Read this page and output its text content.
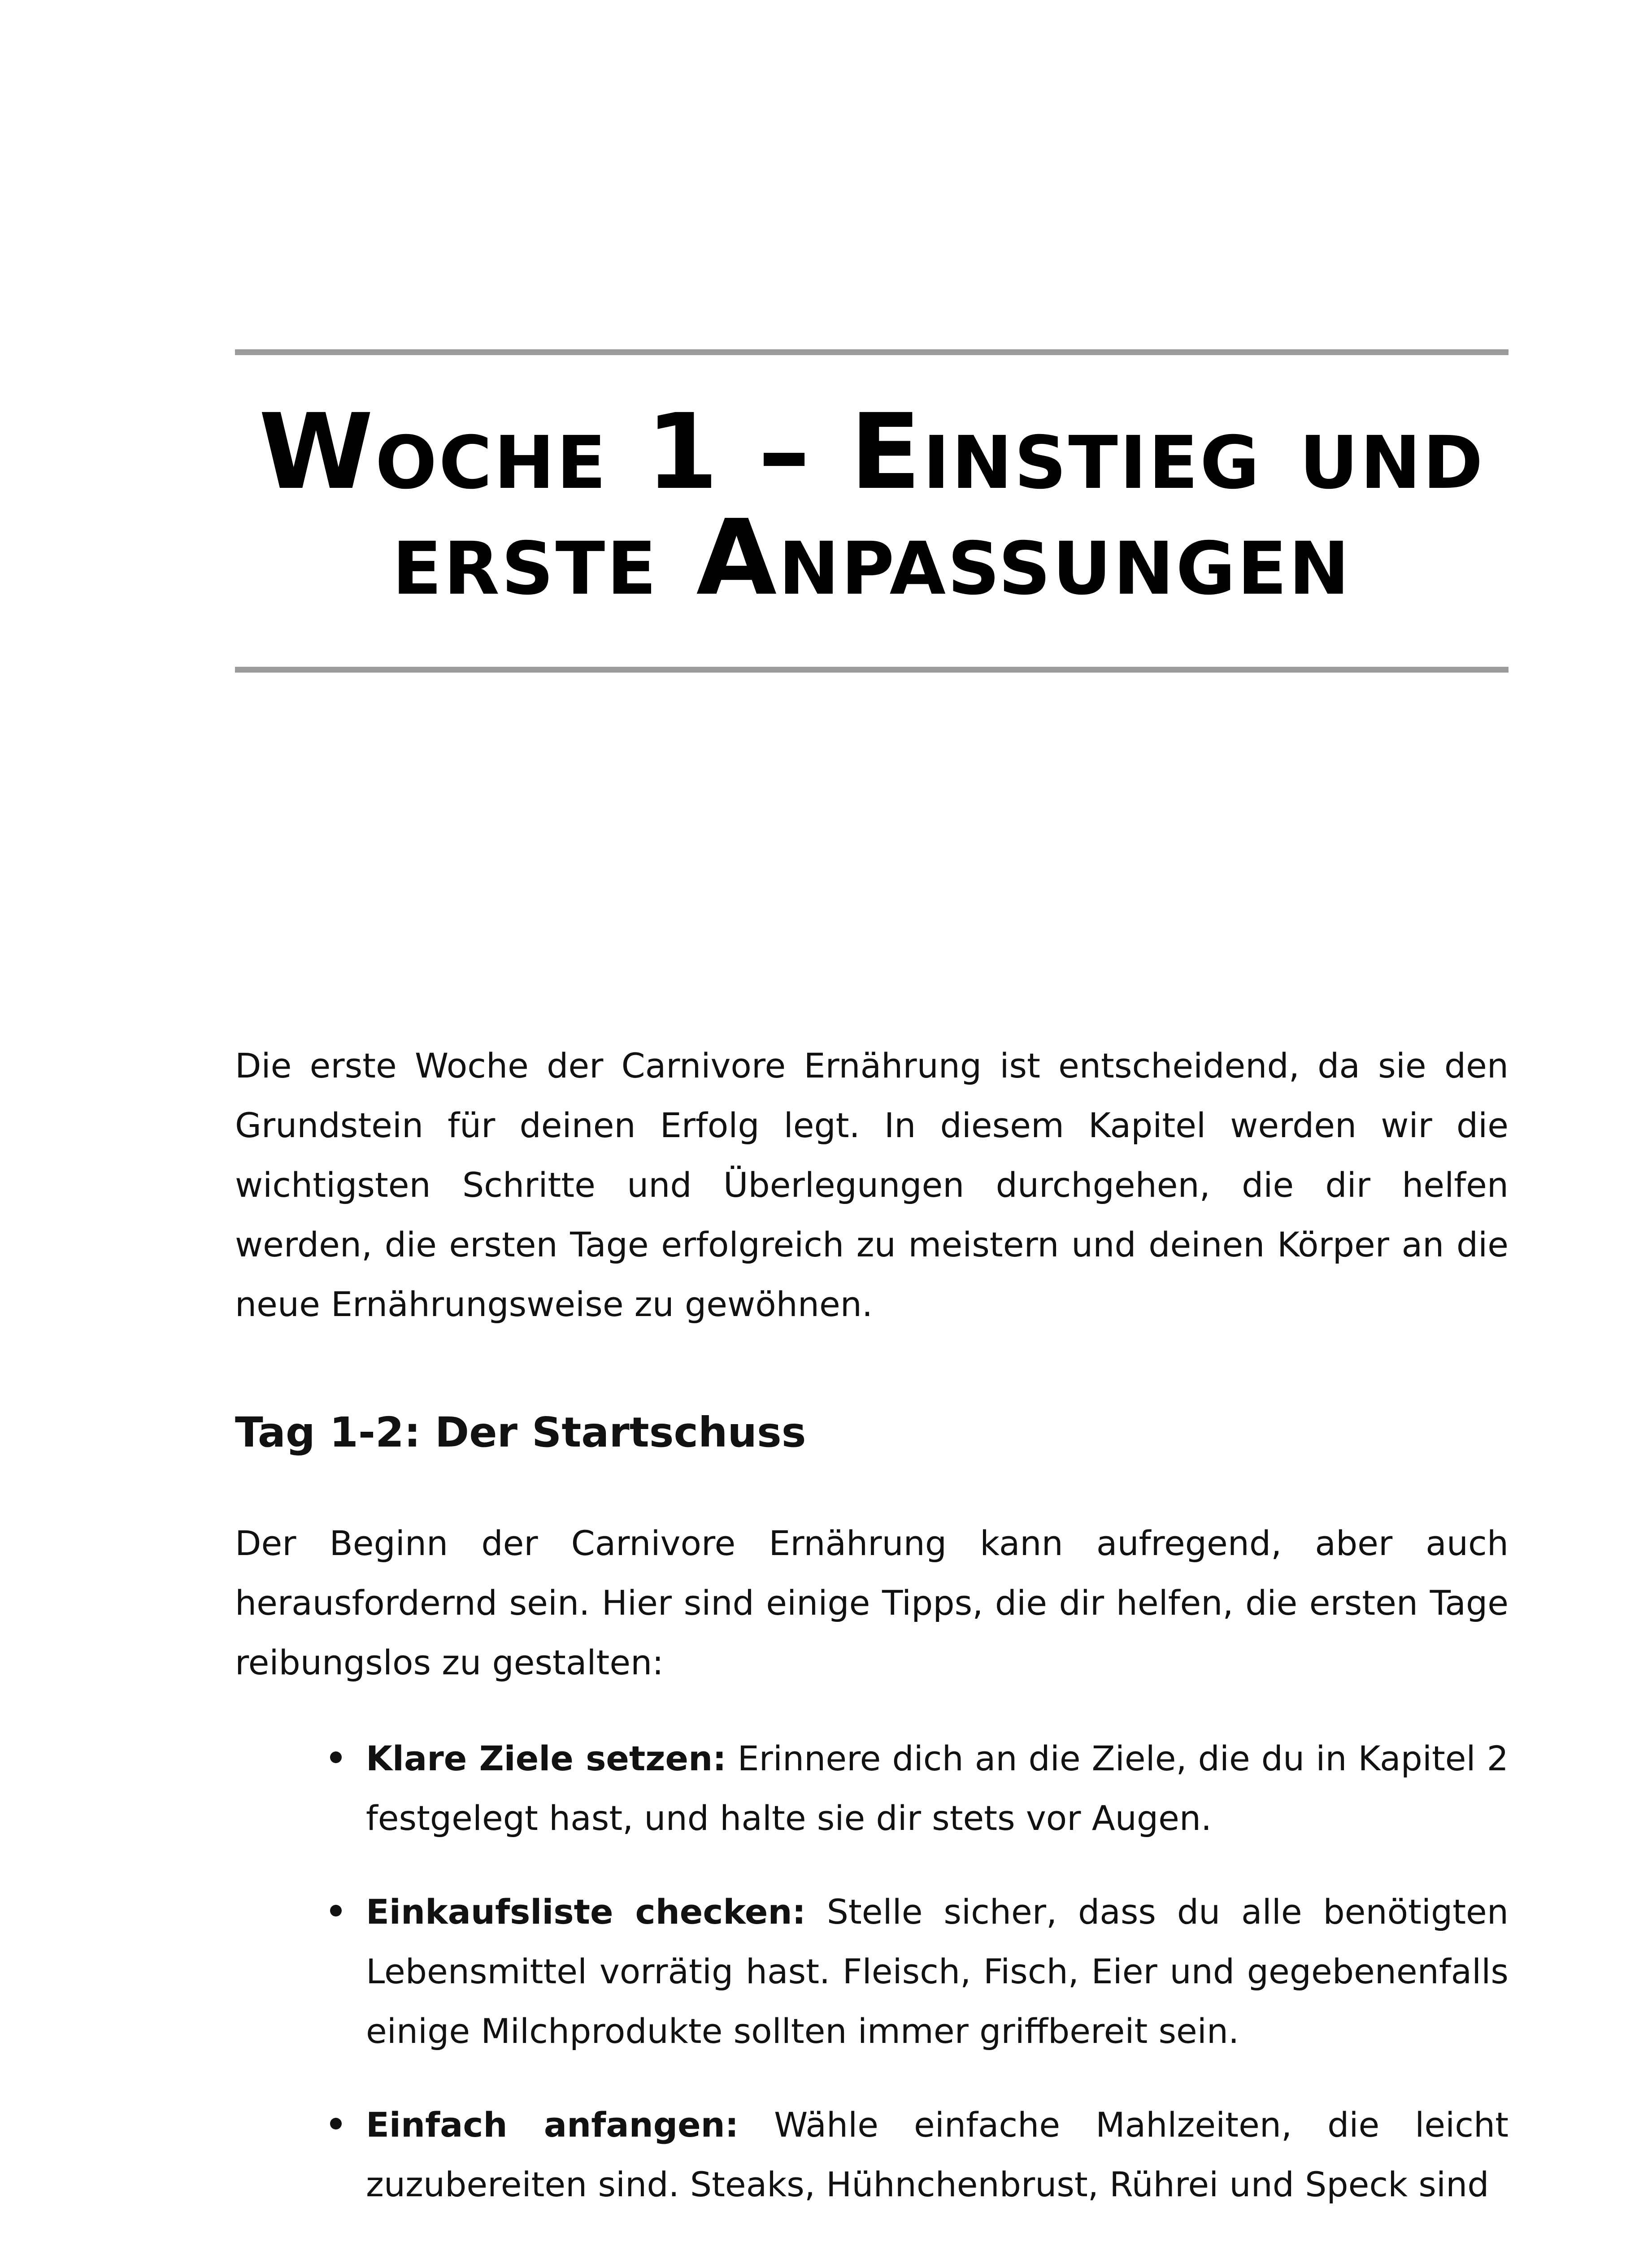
Woche 1 – Einstieg und
erste Anpassungen

Die erste Woche der Carnivore Ernährung ist entscheidend, da sie den Grundstein für deinen Erfolg legt. In diesem Kapitel werden wir die wichtigsten Schritte und Überlegungen durchgehen, die dir helfen werden, die ersten Tage erfolgreich zu meistern und deinen Körper an die neue Ernährungsweise zu gewöhnen.

Tag 1-2: Der Startschuss

Der Beginn der Carnivore Ernährung kann aufregend, aber auch herausfordernd sein. Hier sind einige Tipps, die dir helfen, die ersten Tage reibungslos zu gestalten:

Klare Ziele setzen: Erinnere dich an die Ziele, die du in Kapitel 2 festgelegt hast, und halte sie dir stets vor Augen.
Einkaufsliste checken: Stelle sicher, dass du alle benötigten Lebensmittel vorrätig hast. Fleisch, Fisch, Eier und gegebenenfalls einige Milchprodukte sollten immer griffbereit sein.
Einfach anfangen: Wähle einfache Mahlzeiten, die leicht zuzubereiten sind. Steaks, Hühnchenbrust, Rührei und Speck sind
